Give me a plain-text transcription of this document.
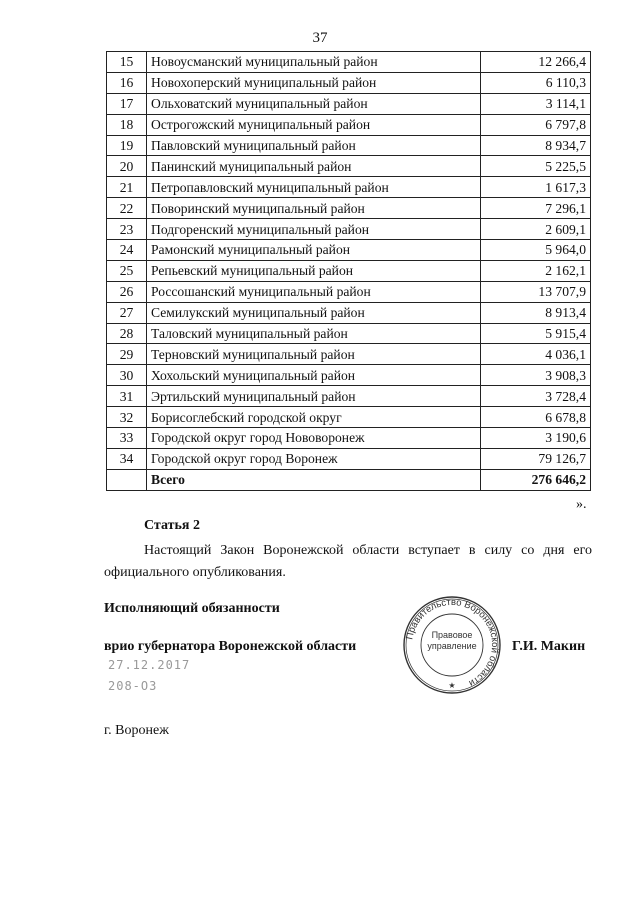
37
15	Новоусманский муниципальный район	12 266,4
16	Новохоперский муниципальный район	6 110,3
17	Ольховатский муниципальный район	3 114,1
18	Острогожский муниципальный район	6 797,8
19	Павловский муниципальный район	8 934,7
20	Панинский муниципальный район	5 225,5
21	Петропавловский муниципальный район	1 617,3
22	Поворинский муниципальный район	7 296,1
23	Подгоренский муниципальный район	2 609,1
24	Рамонский муниципальный район	5 964,0
25	Репьевский муниципальный район	2 162,1
26	Россошанский муниципальный район	13 707,9
27	Семилукский муниципальный район	8 913,4
28	Таловский муниципальный район	5 915,4
29	Терновский муниципальный район	4 036,1
30	Хохольский муниципальный район	3 908,3
31	Эртильский муниципальный район	3 728,4
32	Борисоглебский городской округ	6 678,8
33	Городской округ город Нововоронеж	3 190,6
34	Городской округ город Воронеж	79 126,7
	Всего	276 646,2
».
Статья 2
Настоящий Закон Воронежской области вступает в силу со дня его официального опубликования.
Исполняющий обязанности
врио губернатора Воронежской области
27.12.2017
208-ОЗ
Правительство Воронежской области
★
Правовое
управление	Г.И. Макин
г. Воронеж
